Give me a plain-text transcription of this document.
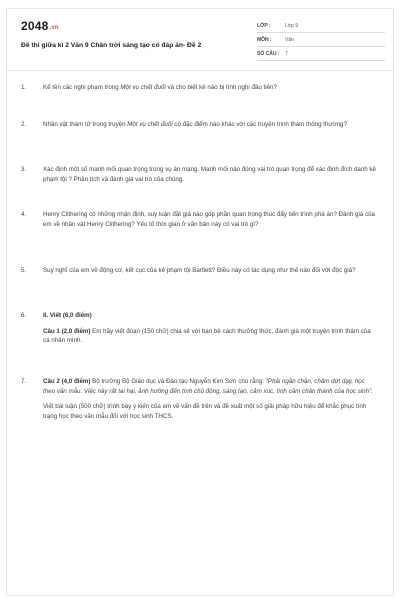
2048.vn
Đề thi giữa kì 2 Văn 9 Chân trời sáng tạo có đáp án- Đề 2
LỚP :	Lớp 9
MÔN :	Văn
SỐ CÂU :	7
1.	Kể tên các nghi phạm trong Một vụ chết đuối và cho biết kẻ nào bị tình nghi đầu tiên?
2.	Nhân vật thám tử trong truyện Một vụ chết đuối có đặc điểm nào khác với các truyện trinh thám thông thường?
3.	Xác định một số manh mối quan trọng trong vụ án mạng. Manh mối nào đóng vai trò quan trọng để xác định đích danh kẻ phạm tội ? Phân tích và đánh giá vai trò của chúng.
4.	Henry Clithering có những nhận định, suy luận đặt giả nào góp phần quan trọng thúc đẩy tiến trình phá án? Đánh giá của em về nhân vật Henry Clithering? Yếu tố thời gian ở văn bản này có vai trò gì?
5.	Suy nghĩ của em về động cơ, kết cục của kẻ phạm tội Bartlett? Điều này có tác dụng như thế nào đối với độc giả?
6.	II. Viết (6,0 điểm)
Câu 1 (2,0 điểm) Em hãy viết đoạn (150 chữ) chia sẻ với bạn bè cách thưởng thức, đánh giá một truyện trinh thám của cá nhân mình.
7.	Câu 2 (4,0 điểm) Bộ trưởng Bộ Giáo dục và Đào tạo Nguyễn Kim Sơn cho rằng: “Phải ngăn chặn, chấm dứt dạy, học theo văn mẫu. Việc này rất tai hại, ảnh hưởng đến tính chủ động, sáng tạo, cảm xúc, tình cảm chân thành của học sinh”.
Viết bài luận (500 chữ) trình bày ý kiến của em về vấn đề trên và đề xuất một số giải pháp hữu hiệu để khắc phục tình trạng học theo văn mẫu đối với học sinh THCS.
